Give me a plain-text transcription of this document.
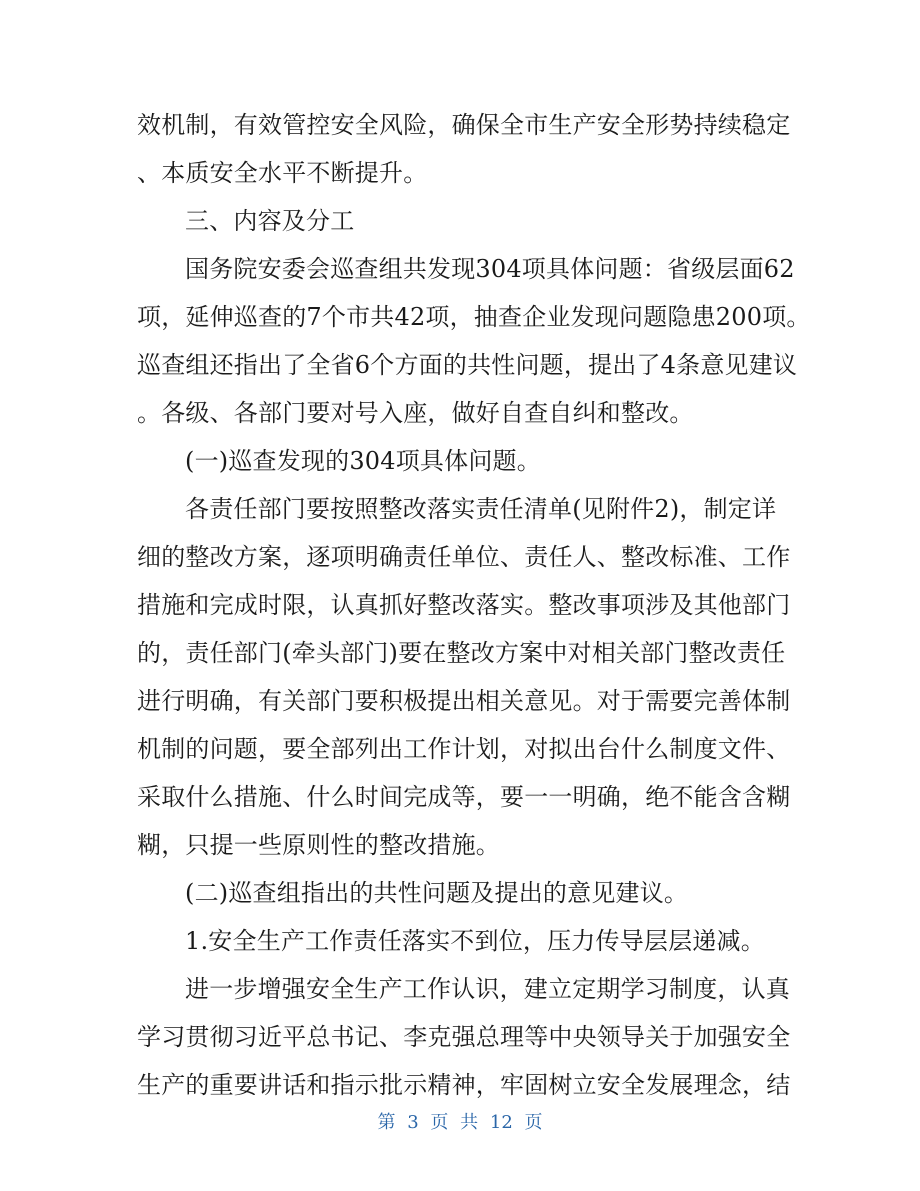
效机制，有效管控安全风险，确保全市生产安全形势持续稳定
、本质安全水平不断提升。
三、内容及分工
国务院安委会巡查组共发现304项具体问题：省级层面62
项，延伸巡查的7个市共42项，抽查企业发现问题隐患200项。
巡查组还指出了全省6个方面的共性问题，提出了4条意见建议
。各级、各部门要对号入座，做好自查自纠和整改。
(一)巡查发现的304项具体问题。
各责任部门要按照整改落实责任清单(见附件2)，制定详
细的整改方案，逐项明确责任单位、责任人、整改标准、工作
措施和完成时限，认真抓好整改落实。整改事项涉及其他部门
的，责任部门(牵头部门)要在整改方案中对相关部门整改责任
进行明确，有关部门要积极提出相关意见。对于需要完善体制
机制的问题，要全部列出工作计划，对拟出台什么制度文件、
采取什么措施、什么时间完成等，要一一明确，绝不能含含糊
糊，只提一些原则性的整改措施。
(二)巡查组指出的共性问题及提出的意见建议。
1.安全生产工作责任落实不到位，压力传导层层递减。
进一步增强安全生产工作认识，建立定期学习制度，认真
学习贯彻习近平总书记、李克强总理等中央领导关于加强安全
生产的重要讲话和指示批示精神，牢固树立安全发展理念，结
第 3 页 共 12 页
